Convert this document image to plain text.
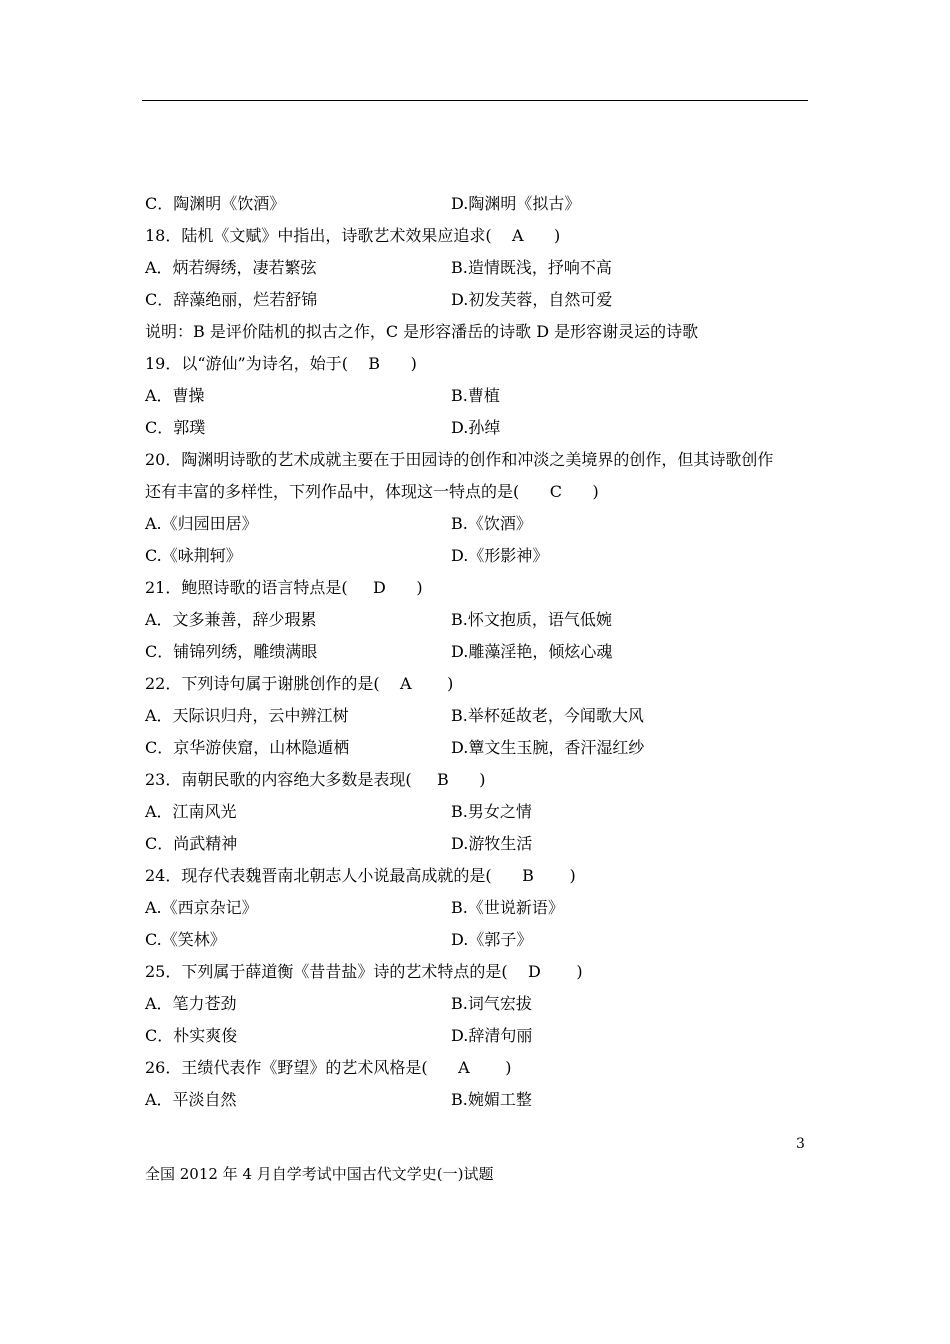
C．陶渊明《饮酒》	D.陶渊明《拟古》
18．陆机《文赋》中指出，诗歌艺术效果应追求(    A      )
A．炳若缛绣，凄若繁弦	B.造情既浅，抒响不高
C．辞藻绝丽，烂若舒锦	D.初发芙蓉，自然可爱
说明：B 是评价陆机的拟古之作，C 是形容潘岳的诗歌 D 是形容谢灵运的诗歌
19．以“游仙”为诗名，始于(    B      )
A．曹操	B.曹植
C．郭璞	D.孙绰
20．陶渊明诗歌的艺术成就主要在于田园诗的创作和冲淡之美境界的创作，但其诗歌创作
还有丰富的多样性，下列作品中，体现这一特点的是(      C      )
A.《归园田居》	B.《饮酒》
C.《咏荆轲》	D.《形影神》
21．鲍照诗歌的语言特点是(     D      )
A．文多兼善，辞少瑕累	B.怀文抱质，语气低婉
C．铺锦列绣，雕缋满眼	D.雕藻淫艳，倾炫心魂
22．下列诗句属于谢朓创作的是(    A       )
A．天际识归舟，云中辨江树	B.举杯延故老，今闻歌大风
C．京华游侠窟，山林隐遁栖	D.簟文生玉腕，香汗湿红纱
23．南朝民歌的内容绝大多数是表现(     B      )
A．江南风光	B.男女之情
C．尚武精神	D.游牧生活
24．现存代表魏晋南北朝志人小说最高成就的是(      B       )
A.《西京杂记》	B.《世说新语》
C.《笑林》	D.《郭子》
25．下列属于薛道衡《昔昔盐》诗的艺术特点的是(    D       )
A．笔力苍劲	B.词气宏拔
C．朴实爽俊	D.辞清句丽
26．王绩代表作《野望》的艺术风格是(      A       )
A．平淡自然	B.婉媚工整
3
全国 2012 年 4 月自学考试中国古代文学史(一)试题
